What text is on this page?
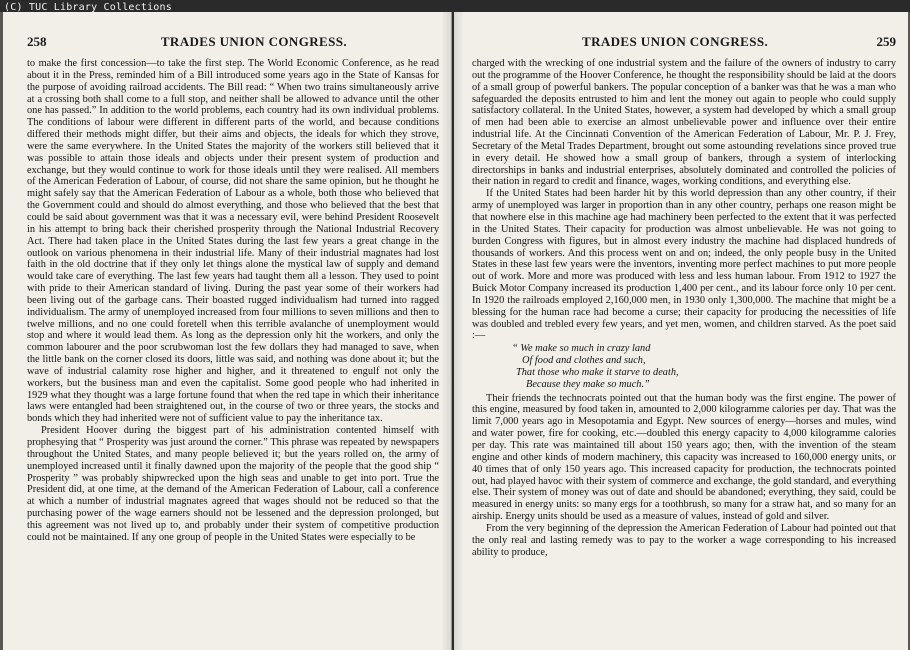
(C) TUC Library Collections
258	TRADES UNION CONGRESS.

to make the first concession—to take the first step. The World Economic Conference, as he read about it in the Press, reminded him of a Bill introduced some years ago in the State of Kansas for the purpose of avoiding railroad accidents. The Bill read: “ When two trains simultaneously arrive at a crossing both shall come to a full stop, and neither shall be allowed to advance until the other one has passed.” In addition to the world problems, each country had its own individual problems. The conditions of labour were different in different parts of the world, and because conditions differed their methods might differ, but their aims and objects, the ideals for which they strove, were the same everywhere. In the United States the majority of the workers still believed that it was possible to attain those ideals and objects under their present system of production and exchange, but they would continue to work for those ideals until they were realised. All members of the American Federation of Labour, of course, did not share the same opinion, but he thought he might safely say that the American Federation of Labour as a whole, both those who believed that the Government could and should do almost everything, and those who believed that the best that could be said about government was that it was a necessary evil, were behind President Roosevelt in his attempt to bring back their cherished prosperity through the National Industrial Recovery Act. There had taken place in the United States during the last few years a great change in the outlook on various phenomena in their industrial life. Many of their industrial magnates had lost faith in the old doctrine that if they only let things alone the mystical law of supply and demand would take care of everything. The last few years had taught them all a lesson. They used to point with pride to their American standard of living. During the past year some of their workers had been living out of the garbage cans. Their boasted rugged individualism had turned into ragged individualism. The army of unemployed increased from four millions to seven millions and then to twelve millions, and no one could foretell when this terrible avalanche of unemployment would stop and where it would lead them. As long as the depression only hit the workers, and only the common labourer and the poor scrubwoman lost the few dollars they had managed to save, when the little bank on the corner closed its doors, little was said, and nothing was done about it; but the wave of industrial calamity rose higher and higher, and it threatened to engulf not only the workers, but the business man and even the capitalist. Some good people who had inherited in 1929 what they thought was a large fortune found that when the red tape in which their inheritance laws were entangled had been straightened out, in the course of two or three years, the stocks and bonds which they had inherited were not of sufficient value to pay the inheritance tax.

President Hoover during the biggest part of his administration contented himself with prophesying that “ Prosperity was just around the corner.” This phrase was repeated by newspapers throughout the United States, and many people believed it; but the years rolled on, the army of unemployed increased until it finally dawned upon the majority of the people that the good ship “ Prosperity ” was probably shipwrecked upon the high seas and unable to get into port. True the President did, at one time, at the demand of the American Federation of Labour, call a conference at which a number of industrial magnates agreed that wages should not be reduced so that the purchasing power of the wage earners should not be lessened and the depression prolonged, but this agreement was not lived up to, and probably under their system of competitive production could not be maintained. If any one group of people in the United States were especially to be

TRADES UNION CONGRESS.	259

charged with the wrecking of one industrial system and the failure of the owners of industry to carry out the programme of the Hoover Conference, he thought the responsibility should be laid at the doors of a small group of powerful bankers. The popular conception of a banker was that he was a man who safeguarded the deposits entrusted to him and lent the money out again to people who could supply satisfactory collateral. In the United States, however, a system had developed by which a small group of men had been able to exercise an almost unbelievable power and influence over their entire industrial life. At the Cincinnati Convention of the American Federation of Labour, Mr. P. J. Frey, Secretary of the Metal Trades Department, brought out some astounding revelations since proved true in every detail. He showed how a small group of bankers, through a system of interlocking directorships in banks and industrial enterprises, absolutely dominated and controlled the policies of their nation in regard to credit and finance, wages, working conditions, and everything else.

If the United States had been harder hit by this world depression than any other country, if their army of unemployed was larger in proportion than in any other country, perhaps one reason might be that nowhere else in this machine age had machinery been perfected to the extent that it was perfected in the United States. Their capacity for production was almost unbelievable. He was not going to burden Congress with figures, but in almost every industry the machine had displaced hundreds of thousands of workers. And this process went on and on; indeed, the only people busy in the United States in these last few years were the inventors, inventing more perfect machines to put more people out of work. More and more was produced with less and less human labour. From 1912 to 1927 the Buick Motor Company increased its production 1,400 per cent., and its labour force only 10 per cent. In 1920 the railroads employed 2,160,000 men, in 1930 only 1,300,000. The machine that might be a blessing for the human race had become a curse; their capacity for producing the necessities of life was doubled and trebled every few years, and yet men, women, and children starved. As the poet said :—

“ We make so much in crazy land
Of food and clothes and such,
That those who make it starve to death,
Because they make so much.”

Their friends the technocrats pointed out that the human body was the first engine. The power of this engine, measured by food taken in, amounted to 2,000 kilogramme calories per day. That was the limit 7,000 years ago in Mesopotamia and Egypt. New sources of energy—horses and mules, wind and water power, fire for cooking, etc.—doubled this energy capacity to 4,000 kilogramme calories per day. This rate was maintained till about 150 years ago; then, with the invention of the steam engine and other kinds of modern machinery, this capacity was increased to 160,000 energy units, or 40 times that of only 150 years ago. This increased capacity for production, the technocrats pointed out, had played havoc with their system of commerce and exchange, the gold standard, and everything else. Their system of money was out of date and should be abandoned; everything, they said, could be measured in energy units: so many ergs for a toothbrush, so many for a straw hat, and so many for an airship. Energy units should be used as a measure of values, instead of gold and silver.

From the very beginning of the depression the American Federation of Labour had pointed out that the only real and lasting remedy was to pay to the worker a wage corresponding to his increased ability to produce,
